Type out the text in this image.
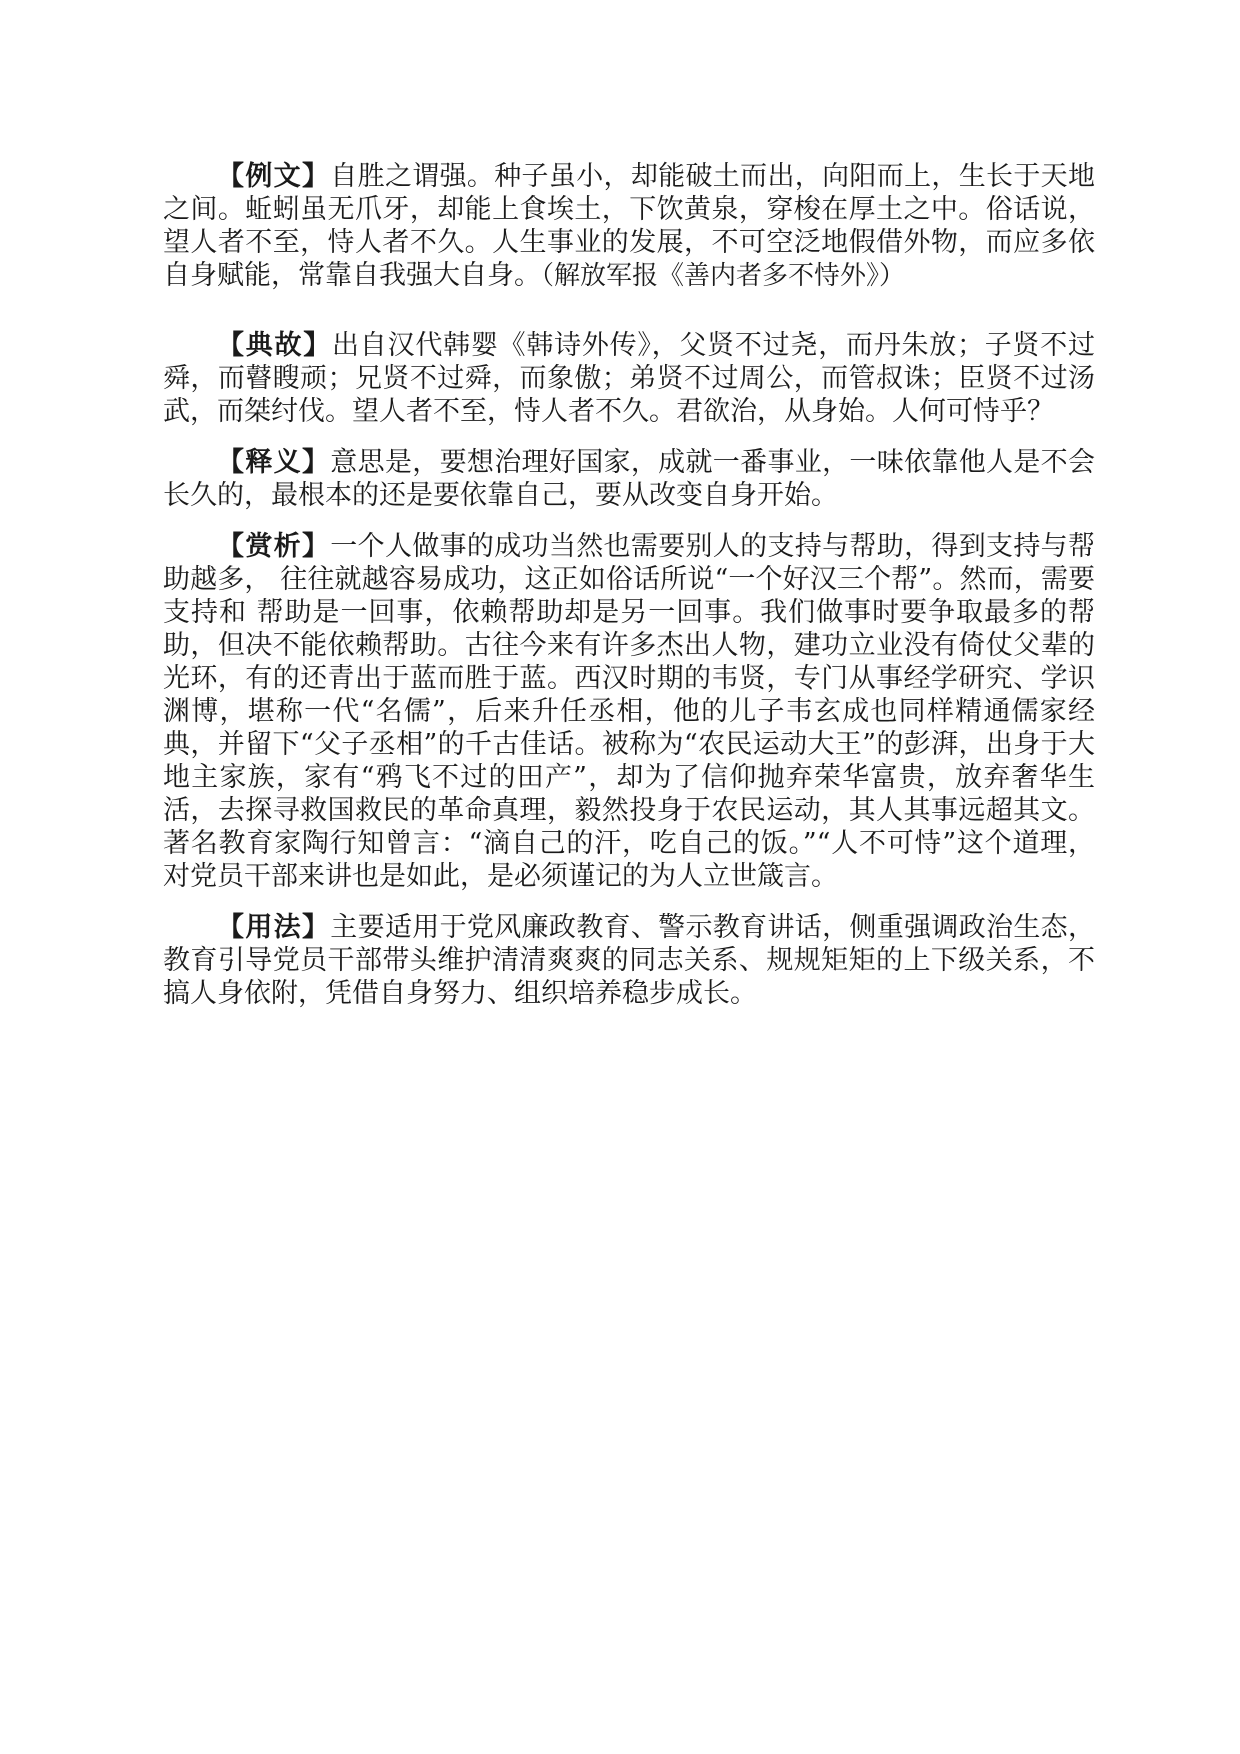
【例文】自胜之谓强。种子虽小，却能破土而出，向阳而上，生长于天地之间。蚯蚓虽无爪牙，却能上食埃土，下饮黄泉，穿梭在厚土之中。俗话说，望人者不至，恃人者不久。人生事业的发展，不可空泛地假借外物，而应多依自身赋能，常靠自我强大自身。（解放军报《善内者多不恃外》）

【典故】出自汉代韩婴《韩诗外传》，父贤不过尧，而丹朱放；子贤不过舜，而瞽瞍顽；兄贤不过舜，而象傲；弟贤不过周公，而管叔诛；臣贤不过汤武，而桀纣伐。望人者不至，恃人者不久。君欲治，从身始。人何可恃乎？

【释义】意思是，要想治理好国家，成就一番事业，一味依靠他人是不会长久的，最根本的还是要依靠自己，要从改变自身开始。

【赏析】一个人做事的成功当然也需要别人的支持与帮助，得到支持与帮助越多， 往往就越容易成功，这正如俗话所说“一个好汉三个帮”。然而，需要支持和 帮助是一回事，依赖帮助却是另一回事。我们做事时要争取最多的帮助，但决不能依赖帮助。古往今来有许多杰出人物，建功立业没有倚仗父辈的光环，有的还青出于蓝而胜于蓝。西汉时期的韦贤，专门从事经学研究、学识渊博，堪称一代“名儒”，后来升任丞相，他的儿子韦玄成也同样精通儒家经典，并留下“父子丞相”的千古佳话。被称为“农民运动大王”的彭湃，出身于大地主家族，家有“鸦飞不过的田产”，却为了信仰抛弃荣华富贵，放弃奢华生活，去探寻救国救民的革命真理，毅然投身于农民运动，其人其事远超其文。著名教育家陶行知曾言：“滴自己的汗，吃自己的饭。”“人不可恃”这个道理，对党员干部来讲也是如此，是必须谨记的为人立世箴言。

【用法】主要适用于党风廉政教育、警示教育讲话，侧重强调政治生态，教育引导党员干部带头维护清清爽爽的同志关系、规规矩矩的上下级关系，不搞人身依附，凭借自身努力、组织培养稳步成长。
